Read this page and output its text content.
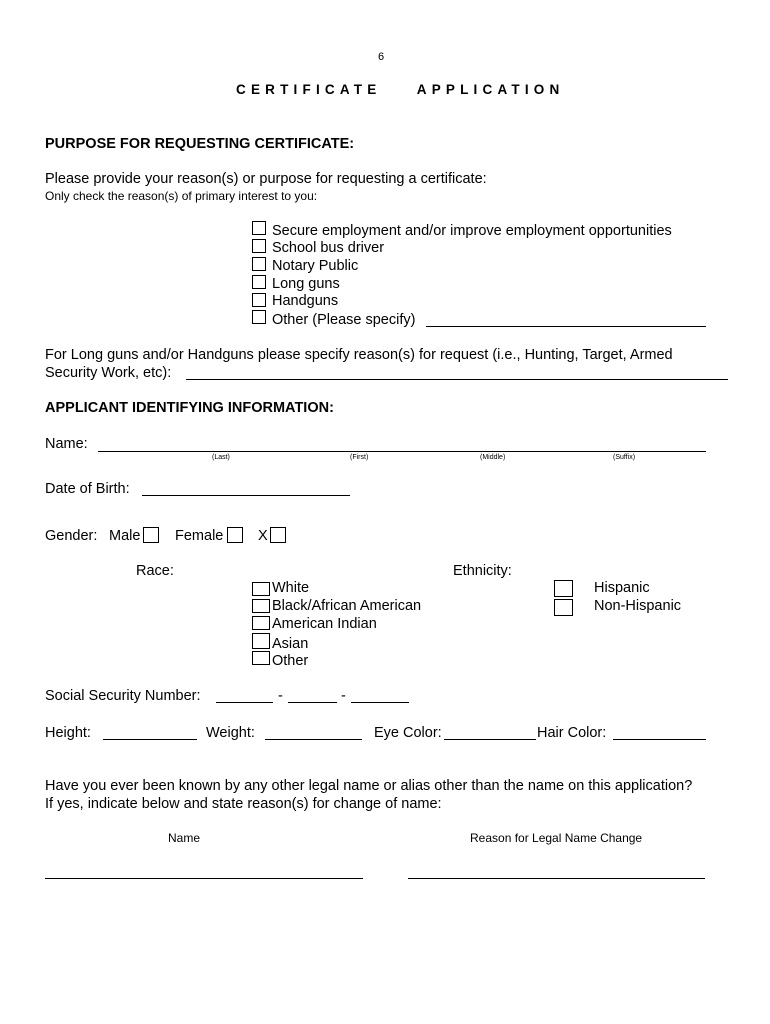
6
CERTIFICATE    APPLICATION
PURPOSE FOR REQUESTING CERTIFICATE:
Please provide your reason(s) or purpose for requesting a certificate:
Only check the reason(s) of primary interest to you:
Secure employment and/or improve employment opportunities
School bus driver
Notary Public
Long guns
Handguns
Other (Please specify)
For Long guns and/or Handguns please specify reason(s) for request (i.e., Hunting, Target, Armed
Security Work, etc):
APPLICANT IDENTIFYING INFORMATION:
Name:
(Last)	(First)	(Middle)	(Suffix)
Date of Birth:
Gender: Male Female X
Race:
White
Black/African American
American Indian
Asian
Other
Ethnicity:
Hispanic
Non-Hispanic
Social Security Number:	-	-
Height:	Weight:	Eye Color:	Hair Color:
Have you ever been known by any other legal name or alias other than the name on this application?
If yes, indicate below and state reason(s) for change of name:
Name	Reason for Legal Name Change
